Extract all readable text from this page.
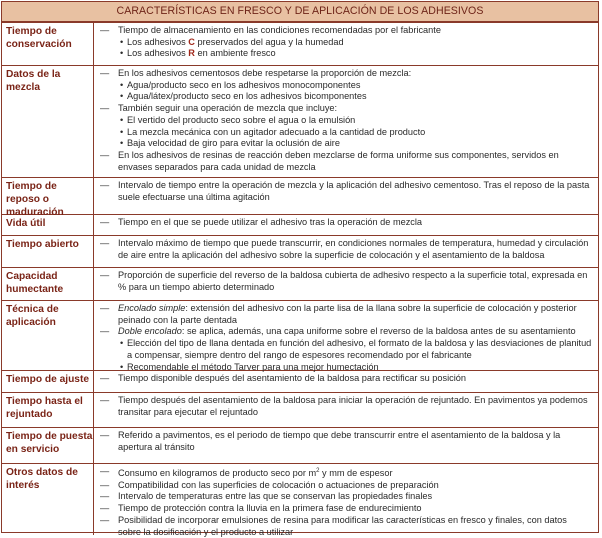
CARACTERÍSTICAS EN FRESCO Y DE APLICACIÓN DE LOS ADHESIVOS
Tiempo de conservación
— Tiempo de almacenamiento en las condiciones recomendadas por el fabricante
• Los adhesivos C preservados del agua y la humedad
• Los adhesivos R en ambiente fresco
Datos de la mezcla
— En los adhesivos cementosos debe respetarse la proporción de mezcla:
• Agua/producto seco en los adhesivos monocomponentes
• Agua/látex/producto seco en los adhesivos bicomponentes
— También seguir una operación de mezcla que incluye:
• El vertido del producto seco sobre el agua o la emulsión
• La mezcla mecánica con un agitador adecuado a la cantidad de producto
• Baja velocidad de giro para evitar la oclusión de aire
— En los adhesivos de resinas de reacción deben mezclarse de forma uniforme sus componentes, servidos en envases separados para cada unidad de mezcla
Tiempo de reposo o maduración
— Intervalo de tiempo entre la operación de mezcla y la aplicación del adhesivo cementoso. Tras el reposo de la pasta suele efectuarse una última agitación
Vida útil	— Tiempo en el que se puede utilizar el adhesivo tras la operación de mezcla
Tiempo abierto	— Intervalo máximo de tiempo que puede transcurrir, en condiciones normales de temperatura, humedad y circulación de aire entre la aplicación del adhesivo sobre la superficie de colocación y el asentamiento de la baldosa
Capacidad humectante
— Proporción de superficie del reverso de la baldosa cubierta de adhesivo respecto a la superficie total, expresada en % para un tiempo abierto determinado
Técnica de aplicación
— Encolado simple: extensión del adhesivo con la parte lisa de la llana sobre la superficie de colocación y posterior peinado con la parte dentada
— Doble encolado: se aplica, además, una capa uniforme sobre el reverso de la baldosa antes de su asentamiento
• Elección del tipo de llana dentada en función del adhesivo, el formato de la baldosa y las desviaciones de planitud a compensar, siempre dentro del rango de espesores recomendado por el fabricante
• Recomendable el método Tarver para una mejor humectación
Tiempo de ajuste	— Tiempo disponible después del asentamiento de la baldosa para rectificar su posición
Tiempo hasta el rejuntado
— Tiempo después del asentamiento de la baldosa para iniciar la operación de rejuntado. En pavimentos ya podemos transitar para ejecutar el rejuntado
Tiempo de puesta en servicio
— Referido a pavimentos, es el periodo de tiempo que debe transcurrir entre el asentamiento de la baldosa y la apertura al tránsito
Otros datos de interés
— Consumo en kilogramos de producto seco por $m^2$ y mm de espesor
— Compatibilidad con las superficies de colocación o actuaciones de preparación
— Intervalo de temperaturas entre las que se conservan las propiedades finales
— Tiempo de protección contra la lluvia en la primera fase de endurecimiento
— Posibilidad de incorporar emulsiones de resina para modificar las características en fresco y finales, con datos sobre la dosificación y el producto a utilizar
